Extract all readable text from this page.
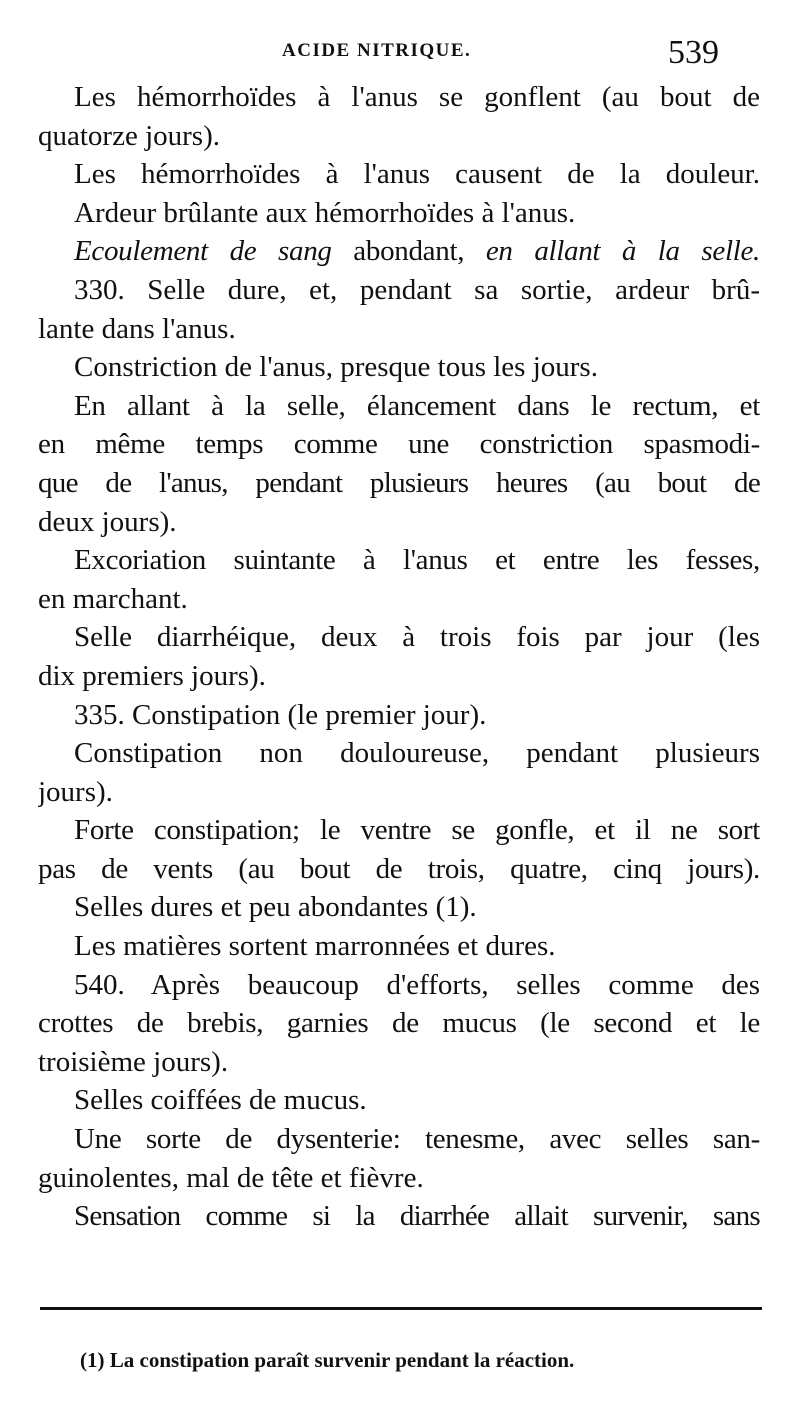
ACIDE NITRIQUE.	539
Les hémorrhoïdes à l'anus se gonflent (au bout de
quatorze jours).
Les hémorrhoïdes à l'anus causent de la douleur.
Ardeur brûlante aux hémorrhoïdes à l'anus.
Ecoulement de sang abondant, en allant à la selle.
330. Selle dure, et, pendant sa sortie, ardeur brû-
lante dans l'anus.
Constriction de l'anus, presque tous les jours.
En allant à la selle, élancement dans le rectum, et
en même temps comme une constriction spasmodi-
que de l'anus, pendant plusieurs heures (au bout de
deux jours).
Excoriation suintante à l'anus et entre les fesses,
en marchant.
Selle diarrhéique, deux à trois fois par jour (les
dix premiers jours).
335. Constipation (le premier jour).
Constipation non douloureuse, pendant plusieurs
jours).
Forte constipation; le ventre se gonfle, et il ne sort
pas de vents (au bout de trois, quatre, cinq jours).
Selles dures et peu abondantes (1).
Les matières sortent marronnées et dures.
540. Après beaucoup d'efforts, selles comme des
crottes de brebis, garnies de mucus (le second et le
troisième jours).
Selles coiffées de mucus.
Une sorte de dysenterie: tenesme, avec selles san-
guinolentes, mal de tête et fièvre.
Sensation comme si la diarrhée allait survenir, sans
(1) La constipation paraît survenir pendant la réaction.
